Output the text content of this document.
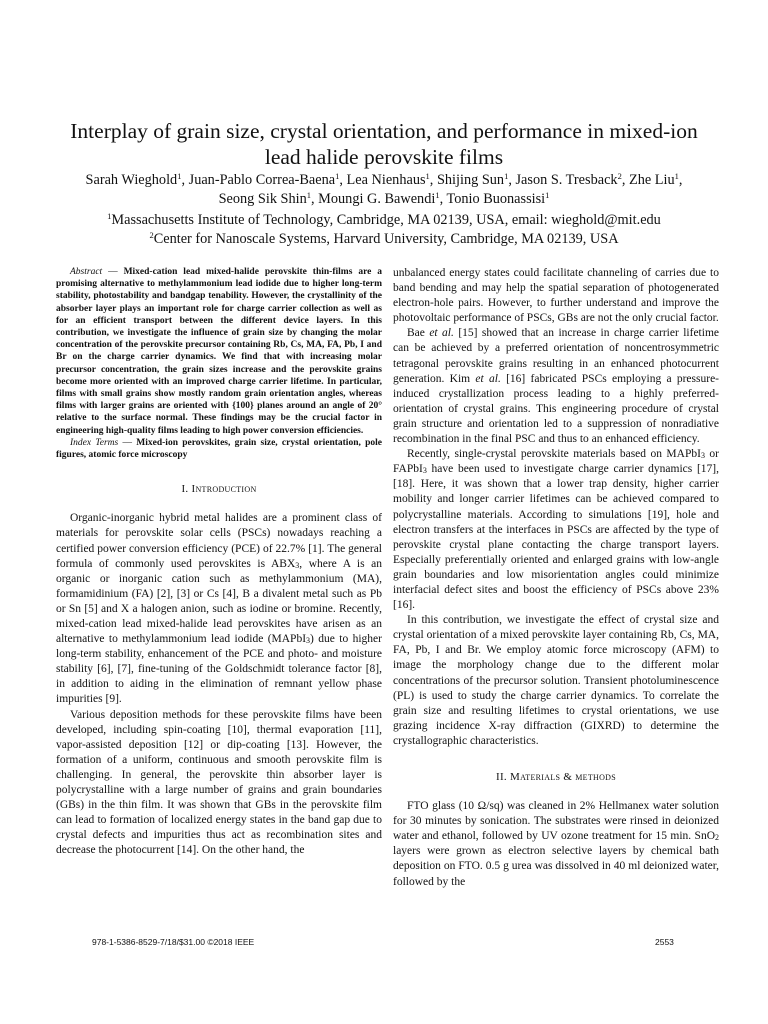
Interplay of grain size, crystal orientation, and performance in mixed-ion lead halide perovskite films
Sarah Wieghold$^1$, Juan-Pablo Correa-Baena$^1$, Lea Nienhaus$^1$, Shijing Sun$^1$, Jason S. Tresback$^2$, Zhe Liu$^1$,
Seong Sik Shin$^1$, Moungi G. Bawendi$^1$, Tonio Buonassisi$^1$
$^1$Massachusetts Institute of Technology, Cambridge, MA 02139, USA, email: wieghold@mit.edu
$^2$Center for Nanoscale Systems, Harvard University, Cambridge, MA 02139, USA

Abstract — Mixed-cation lead mixed-halide perovskite thin-films are a promising alternative to methylammonium lead iodide due to higher long-term stability, photostability and bandgap tenability. However, the crystallinity of the absorber layer plays an important role for charge carrier collection as well as for an efficient transport between the different device layers. In this contribution, we investigate the influence of grain size by changing the molar concentration of the perovskite precursor containing Rb, Cs, MA, FA, Pb, I and Br on the charge carrier dynamics. We find that with increasing molar precursor concentration, the grain sizes increase and the perovskite grains become more oriented with an improved charge carrier lifetime. In particular, films with small grains show mostly random grain orientation angles, whereas films with larger grains are oriented with {100} planes around an angle of 20° relative to the surface normal. These findings may be the crucial factor in engineering high-quality films leading to high power conversion efficiencies.

Index Terms — Mixed-ion perovskites, grain size, crystal orientation, pole figures, atomic force microscopy

I. Introduction

Organic-inorganic hybrid metal halides are a prominent class of materials for perovskite solar cells (PSCs) nowadays reaching a certified power conversion efficiency (PCE) of 22.7% [1]. The general formula of commonly used perovskites is $ABX_3$, where A is an organic or inorganic cation such as methylammonium (MA), formamidinium (FA) [2], [3] or Cs [4], B a divalent metal such as Pb or Sn [5] and X a halogen anion, such as iodine or bromine. Recently, mixed-cation lead mixed-halide lead perovskites have arisen as an alternative to methylammonium lead iodide (MAPbI$_3$) due to higher long-term stability, enhancement of the PCE and photo- and moisture stability [6], [7], fine-tuning of the Goldschmidt tolerance factor [8], in addition to aiding in the elimination of remnant yellow phase impurities [9].

Various deposition methods for these perovskite films have been developed, including spin-coating [10], thermal evaporation [11], vapor-assisted deposition [12] or dip-coating [13]. However, the formation of a uniform, continuous and smooth perovskite film is challenging. In general, the perovskite thin absorber layer is polycrystalline with a large number of grains and grain boundaries (GBs) in the thin film. It was shown that GBs in the perovskite film can lead to formation of localized energy states in the band gap due to crystal defects and impurities thus act as recombination sites and decrease the photocurrent [14]. On the other hand, the

unbalanced energy states could facilitate channeling of carries due to band bending and may help the spatial separation of photogenerated electron-hole pairs. However, to further understand and improve the photovoltaic performance of PSCs, GBs are not the only crucial factor.

Bae et al. [15] showed that an increase in charge carrier lifetime can be achieved by a preferred orientation of noncentrosymmetric tetragonal perovskite grains resulting in an enhanced photocurrent generation. Kim et al. [16] fabricated PSCs employing a pressure-induced crystallization process leading to a highly preferred-orientation of crystal grains. This engineering procedure of crystal grain structure and orientation led to a suppression of nonradiative recombination in the final PSC and thus to an enhanced efficiency.

Recently, single-crystal perovskite materials based on MAPbI$_3$ or FAPbI$_3$ have been used to investigate charge carrier dynamics [17], [18]. Here, it was shown that a lower trap density, higher carrier mobility and longer carrier lifetimes can be achieved compared to polycrystalline materials. According to simulations [19], hole and electron transfers at the interfaces in PSCs are affected by the type of perovskite crystal plane contacting the charge transport layers. Especially preferentially oriented and enlarged grains with low-angle grain boundaries and low misorientation angles could minimize interfacial defect sites and boost the efficiency of PSCs above 23% [16].

In this contribution, we investigate the effect of crystal size and crystal orientation of a mixed perovskite layer containing Rb, Cs, MA, FA, Pb, I and Br. We employ atomic force microscopy (AFM) to image the morphology change due to the different molar concentrations of the precursor solution. Transient photoluminescence (PL) is used to study the charge carrier dynamics. To correlate the grain size and resulting lifetimes to crystal orientations, we use grazing incidence X-ray diffraction (GIXRD) to determine the crystallographic characteristics.

II. Materials & methods

FTO glass (10 Ω/sq) was cleaned in 2% Hellmanex water solution for 30 minutes by sonication. The substrates were rinsed in deionized water and ethanol, followed by UV ozone treatment for 15 min. SnO$_2$ layers were grown as electron selective layers by chemical bath deposition on FTO. 0.5 g urea was dissolved in 40 ml deionized water, followed by the

978-1-5386-8529-7/18/$31.00 ©2018 IEEE	2553
